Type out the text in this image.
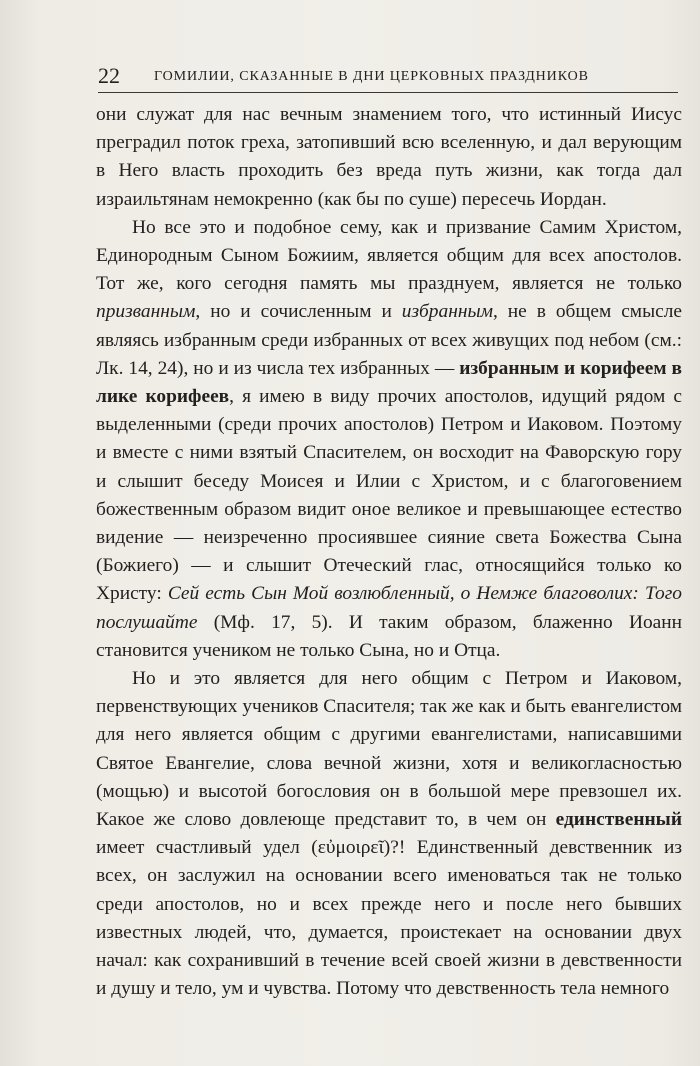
22	ГОМИЛИИ, СКАЗАННЫЕ В ДНИ ЦЕРКОВНЫХ ПРАЗДНИКОВ

они служат для нас вечным знамением того, что истинный Иисус преградил поток греха, затопивший всю вселенную, и дал верующим в Него власть проходить без вреда путь жизни, как тогда дал израильтянам немокренно (как бы по суше) пересечь Иордан.

Но все это и подобное сему, как и призвание Самим Христом, Единородным Сыном Божиим, является общим для всех апостолов. Тот же, кого сегодня память мы празднуем, является не только призванным, но и сочисленным и избранным, не в общем смысле являясь избранным среди избранных от всех живущих под небом (см.: Лк. 14, 24), но и из числа тех избранных — избранным и корифеем в лике корифеев, я имею в виду прочих апостолов, идущий рядом с выделенными (среди прочих апостолов) Петром и Иаковом. Поэтому и вместе с ними взятый Спасителем, он восходит на Фаворскую гору и слышит беседу Моисея и Илии с Христом, и с благоговением божественным образом видит оное великое и превышающее естество видение — неизреченно просиявшее сияние света Божества Сына (Божиего) — и слышит Отеческий глас, относящийся только ко Христу: Сей есть Сын Мой возлюбленный, о Немже благоволих: Того послушайте (Мф. 17, 5). И таким образом, блаженно Иоанн становится учеником не только Сына, но и Отца.

Но и это является для него общим с Петром и Иаковом, первенствующих учеников Спасителя; так же как и быть евангелистом для него является общим с другими евангелистами, написавшими Святое Евангелие, слова вечной жизни, хотя и великогласностью (мощью) и высотой богословия он в большой мере превзошел их. Какое же слово довлеюще представит то, в чем он единственный имеет счастливый удел (εὐμοιρεῖ)?! Единственный девственник из всех, он заслужил на основании всего именоваться так не только среди апостолов, но и всех прежде него и после него бывших известных людей, что, думается, проистекает на основании двух начал: как сохранивший в течение всей своей жизни в девственности и душу и тело, ум и чувства. Потому что девственность тела немного
